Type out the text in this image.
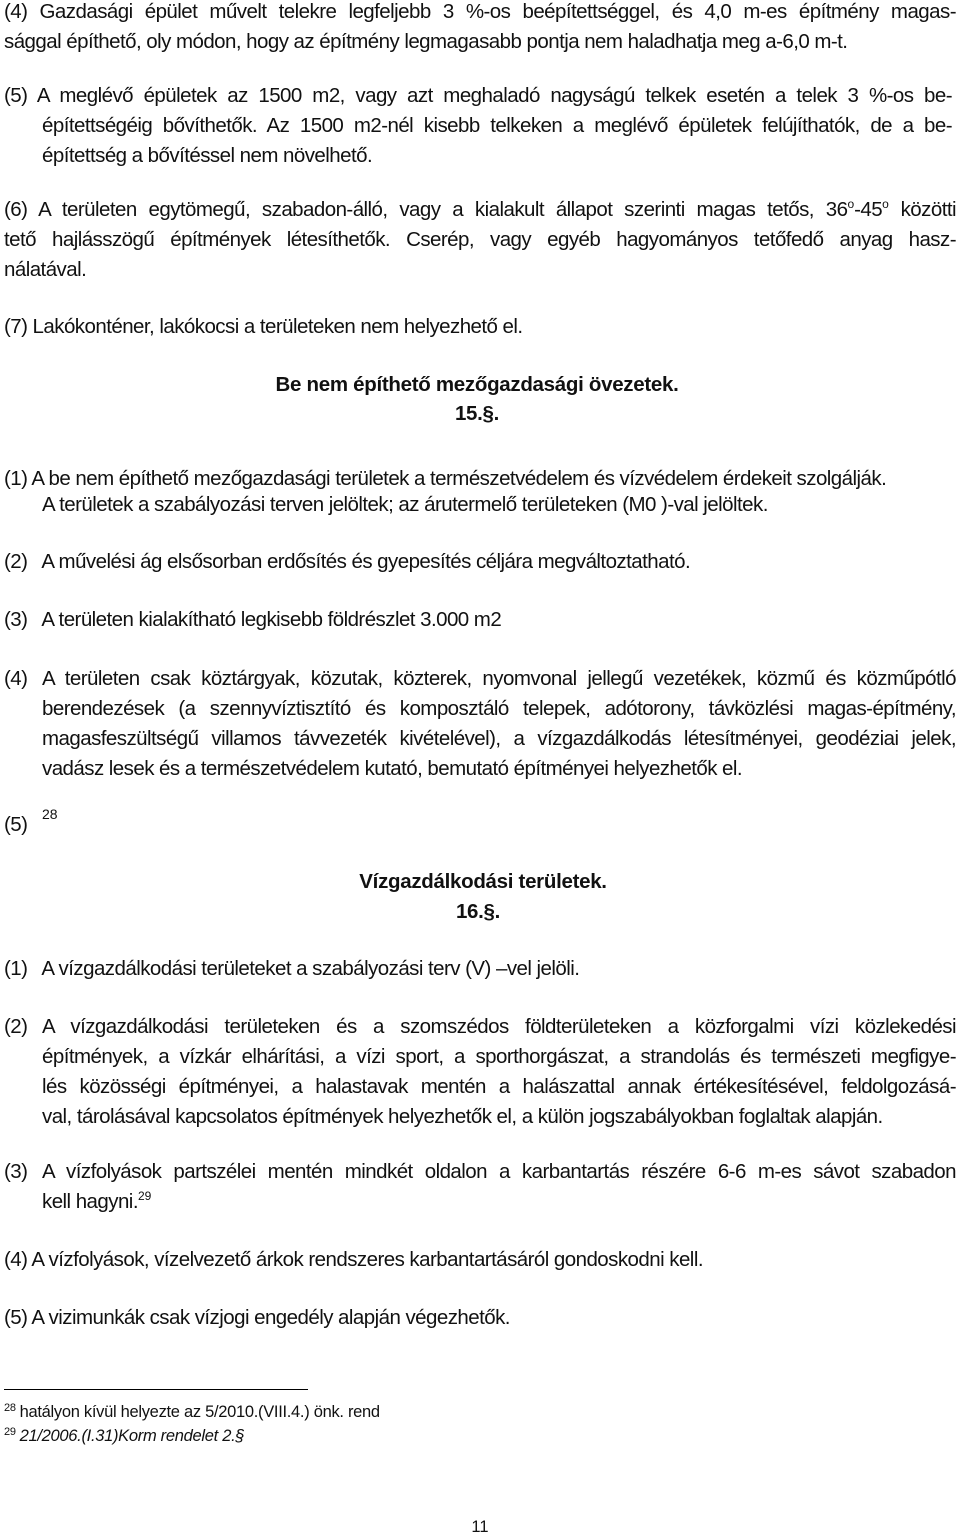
(4) Gazdasági épület művelt telekre legfeljebb 3 %-os beépítettséggel, és 4,0 m-es építmény magas-
sággal építhető, oly módon, hogy az építmény legmagasabb pontja nem haladhatja meg a-6,0 m-t.
(5) A meglévő épületek az 1500 m2, vagy azt meghaladó nagyságú telkek esetén a telek 3 %-os be-
építettségéig bővíthetők. Az 1500 m2-nél kisebb telkeken a meglévő épületek felújíthatók, de a be-
építettség a bővítéssel nem növelhető.
(6) A területen egytömegű, szabadon-álló, vagy a kialakult állapot szerinti magas tetős, 36$^o$-45$^o$ közötti
tető hajlásszögű építmények létesíthetők. Cserép, vagy egyéb hagyományos tetőfedő anyag hasz-
nálatával.
(7) Lakókonténer, lakókocsi a területeken nem helyezhető el.
Be nem építhető mezőgazdasági övezetek.
15.§.
(1) A be nem építhető mezőgazdasági területek a természetvédelem és vízvédelem érdekeit szolgálják.
A területek a szabályozási terven jelöltek; az árutermelő területeken (M0 )-val jelöltek.
(2) A művelési ág elsősorban erdősítés és gyepesítés céljára megváltoztatható.
(3) A területen kialakítható legkisebb földrészlet 3.000 m2
(4) A területen csak köztárgyak, közutak, közterek, nyomvonal jellegű vezetékek, közmű és közműpótló
berendezések (a szennyvíztisztító és komposztáló telepek, adótorony, távközlési magas-építmény,
magasfeszültségű villamos távvezeték kivételével), a vízgazdálkodás létesítményei, geodéziai jelek,
vadász lesek és a természetvédelem kutató, bemutató építményei helyezhetők el.
(5) 28
Vízgazdálkodási területek.
16.§.
(1) A vízgazdálkodási területeket a szabályozási terv (V) –vel jelöli.
(2) A vízgazdálkodási területeken és a szomszédos földterületeken a közforgalmi vízi közlekedési
építmények, a vízkár elhárítási, a vízi sport, a sporthorgászat, a strandolás és természeti megfigye-
lés közösségi építményei, a halastavak mentén a halászattal annak értékesítésével, feldolgozásá-
val, tárolásával kapcsolatos építmények helyezhetők el, a külön jogszabályokban foglaltak alapján.
(3) A vízfolyások partszélei mentén mindkét oldalon a karbantartás részére 6-6 m-es sávot szabadon
kell hagyni.$^{29}$
(4) A vízfolyások, vízelvezető árkok rendszeres karbantartásáról gondoskodni kell.
(5) A vizimunkák csak vízjogi engedély alapján végezhetők.
$^{28}$ hatályon kívül helyezte az 5/2010.(VIII.4.) önk. rend
$^{29}$ 21/2006.(I.31)Korm rendelet 2.§
11
